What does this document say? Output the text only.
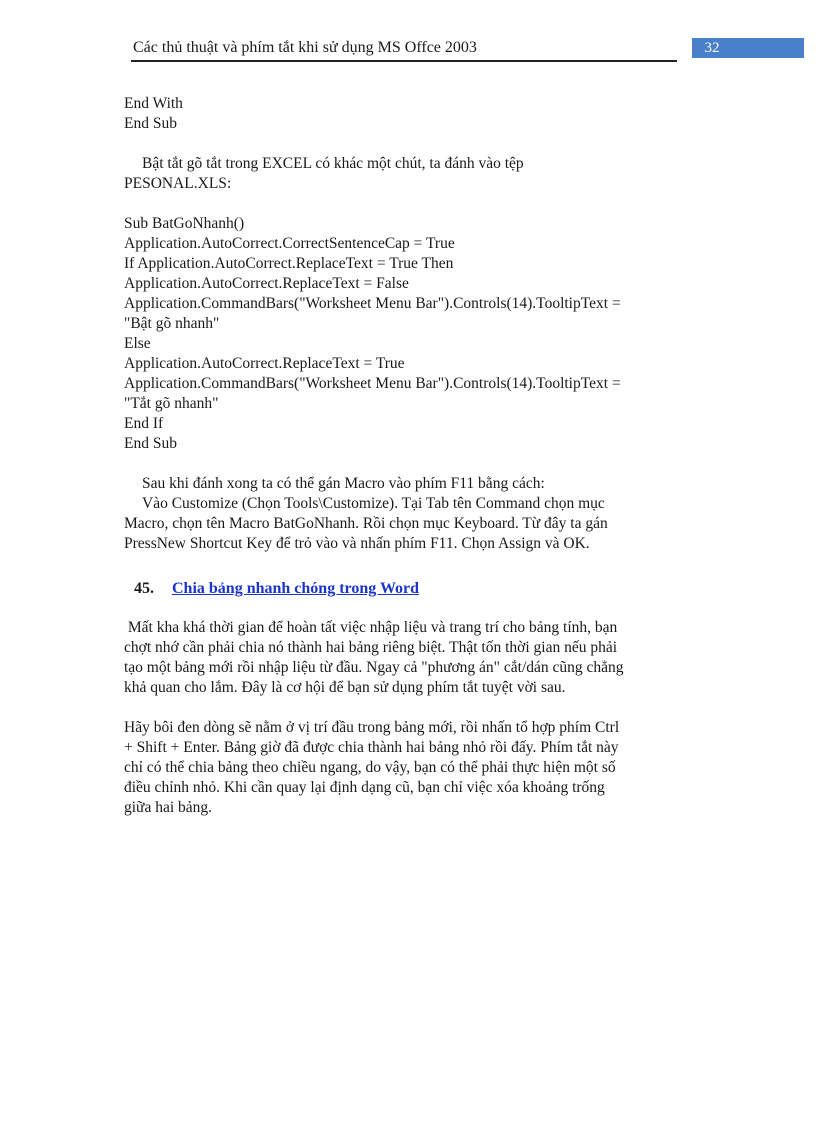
Các thủ thuật và phím tắt khi sử dụng MS Offce 2003	32
End With
End Sub
Bật tắt gõ tắt trong EXCEL có khác một chút, ta đánh vào tệp
PESONAL.XLS:
Sub BatGoNhanh()
Application.AutoCorrect.CorrectSentenceCap = True
If Application.AutoCorrect.ReplaceText = True Then
Application.AutoCorrect.ReplaceText = False
Application.CommandBars("Worksheet Menu Bar").Controls(14).TooltipText =
"Bật gõ nhanh"
Else
Application.AutoCorrect.ReplaceText = True
Application.CommandBars("Worksheet Menu Bar").Controls(14).TooltipText =
"Tắt gõ nhanh"
End If
End Sub
Sau khi đánh xong ta có thể gán Macro vào phím F11 bằng cách:
Vào Customize (Chọn Tools\Customize). Tại Tab tên Command chọn mục
Macro, chọn tên Macro BatGoNhanh. Rồi chọn mục Keyboard. Từ đây ta gán
PressNew Shortcut Key để trỏ vào và nhấn phím F11. Chọn Assign và OK.
45. Chia bảng nhanh chóng trong Word
Mất kha khá thời gian để hoàn tất việc nhập liệu và trang trí cho bảng tính, bạn
chợt nhớ cần phải chia nó thành hai bảng riêng biệt. Thật tốn thời gian nếu phải
tạo một bảng mới rồi nhập liệu từ đầu. Ngay cả "phương án" cắt/dán cũng chẳng
khả quan cho lắm. Đây là cơ hội để bạn sử dụng phím tắt tuyệt vời sau.
Hãy bôi đen dòng sẽ nằm ở vị trí đầu trong bảng mới, rồi nhấn tổ hợp phím Ctrl
+ Shift + Enter. Bảng giờ đã được chia thành hai bảng nhỏ rồi đấy. Phím tắt này
chỉ có thể chia bảng theo chiều ngang, do vậy, bạn có thể phải thực hiện một số
điều chỉnh nhỏ. Khi cần quay lại định dạng cũ, bạn chỉ việc xóa khoảng trống
giữa hai bảng.
